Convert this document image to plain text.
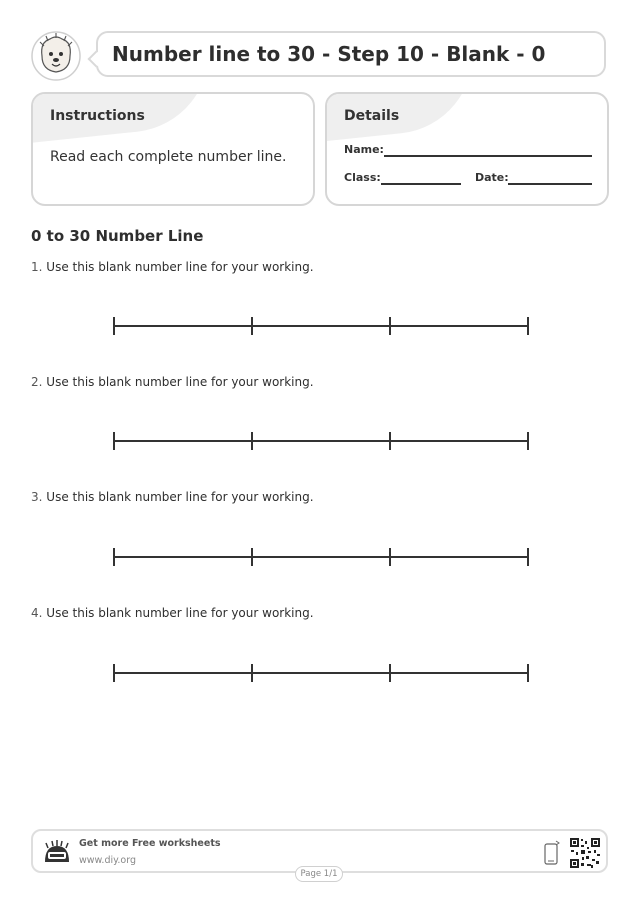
Number line to 30 - Step 10 - Blank - 0
Instructions
Read each complete number line.
Details
Name:
Class:	Date:
0 to 30 Number Line
1. Use this blank number line for your working.
2. Use this blank number line for your working.
3. Use this blank number line for your working.
4. Use this blank number line for your working.
Get more Free worksheets
www.diy.org
Page 1/1
